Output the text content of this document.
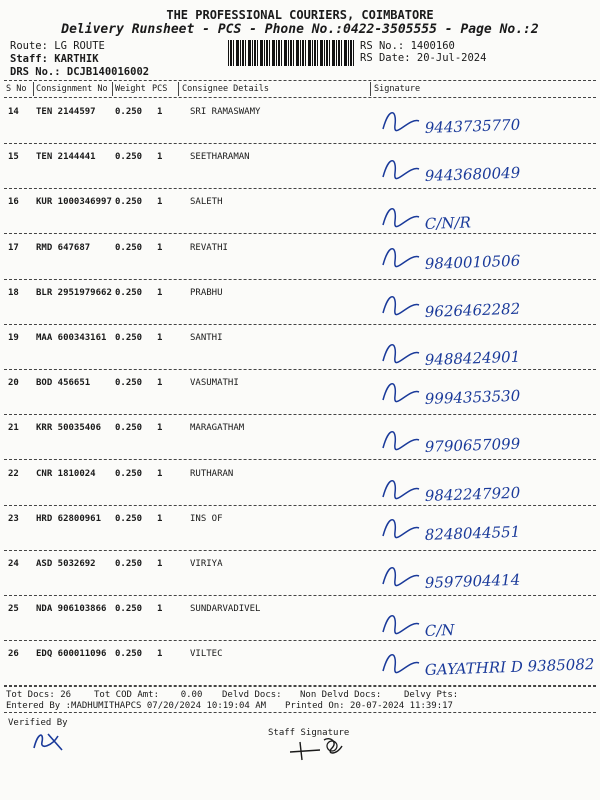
THE PROFESSIONAL COURIERS, COIMBATORE
Delivery Runsheet - PCS - Phone No.:0422-3505555 - Page No.:2
Route: LG ROUTE
Staff: KARTHIK
DRS No.: DCJB140016002
RS No.: 1400160
RS Date: 20-Jul-2024
S No Consignment No Weight PCS Consignee Details	Signature
14 TEN 2144597 0.250 1	SRI RAMASWAMY
9443735770
15 TEN 2144441 0.250 1	SEETHARAMAN
9443680049
16 KUR 1000346997 0.250 1	SALETH
C/N/R
17 RMD 647687	0.250 1	REVATHI
9840010506
18 BLR 2951979662 0.250 1	PRABHU
9626462282
19 MAA 600343161 0.250 1	SANTHI
9488424901
20 BOD 456651	0.250 1	VASUMATHI
9994353530
21 KRR 50035406 0.250 1	MARAGATHAM
9790657099
22 CNR 1810024 0.250 1	RUTHARAN
9842247920
23 HRD 62800961 0.250 1	INS OF
8248044551
24 ASD 5032692 0.250 1	VIRIYA
9597904414
25 NDA 906103866 0.250 1	SUNDARVADIVEL
C/N
26 EDQ 600011096 0.250 1	VILTEC
GAYATHRI D 9385082
Tot Docs: 26	Tot COD Amt: 0.00 Delvd Docs: Non Delvd Docs:	Delvy Pts:
Entered By :MADHUMITHAPCS 07/20/2024 10:19:04 AM Printed On: 20-07-2024 11:39:17
Verified By
Staff Signature
